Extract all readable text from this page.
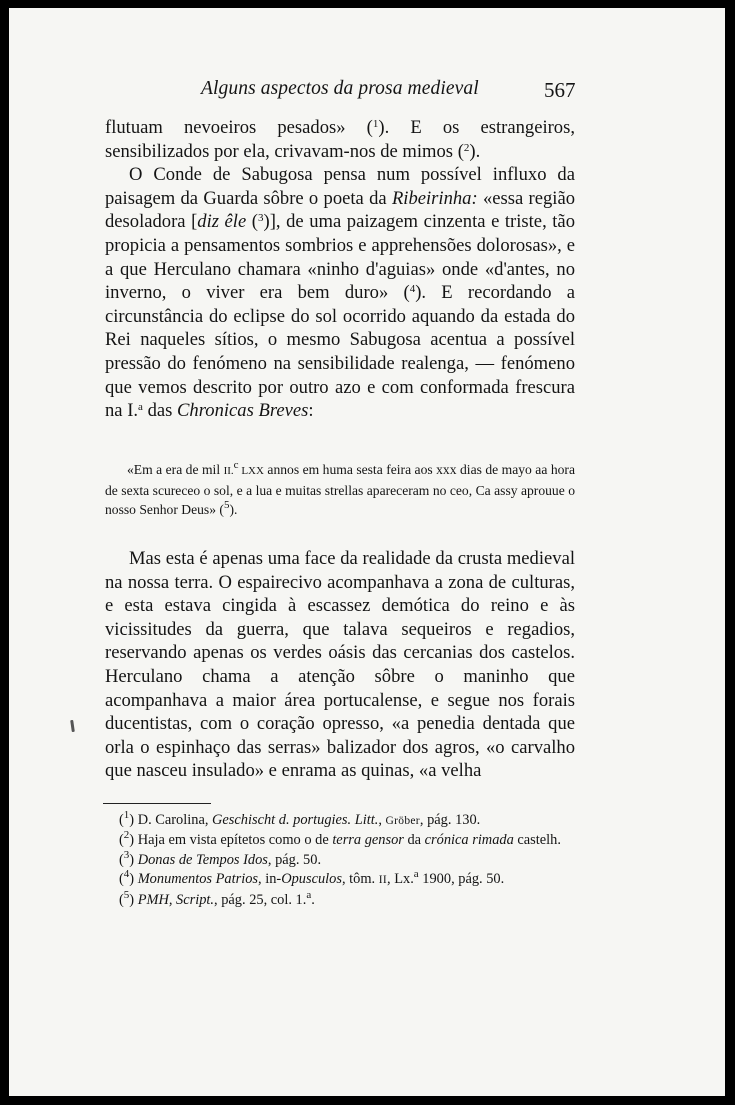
Alguns aspectos da prosa medieval	567

flutuam nevoeiros pesados» ($^1$). E os estrangeiros, sensibilizados por ela, crivavam-nos de mimos ($^2$).

O Conde de Sabugosa pensa num possível influxo da paisagem da Guarda sôbre o poeta da Ribeirinha: «essa região desoladora [diz êle ($^3$)], de uma paizagem cinzenta e triste, tão propicia a pensamentos sombrios e apprehensões dolorosas», e a que Herculano chamara «ninho d'aguias» onde «d'antes, no inverno, o viver era bem duro» ($^4$). E recordando a circunstância do eclipse do sol ocorrido aquando da estada do Rei naqueles sítios, o mesmo Sabugosa acentua a possível pressão do fenómeno na sensibilidade realenga, — fenómeno que vemos descrito por outro azo e com conformada frescura na I.$^a$ das Chronicas Breves:

«Em a era de mil II.$^c$ LXX annos em huma sesta feira aos xxx dias de mayo aa hora de sexta scureceo o sol, e a lua e muitas strellas apareceram no ceo, Ca assy aprouue o nosso Senhor Deus» ($^5$).
Mas esta é apenas uma face da realidade da crusta medieval na nossa terra. O espairecivo acompanhava a zona de culturas, e esta estava cingida à escassez demótica do reino e às vicissitudes da guerra, que talava sequeiros e regadios, reservando apenas os verdes oásis das cercanias dos castelos. Herculano chama a atenção sôbre o maninho que acompanhava a maior área portucalense, e segue nos forais ducentistas, com o coração opresso, «a penedia dentada que orla o espinhaço das serras» balizador dos agros, «o carvalho que nasceu insulado» e enrama as quinas, «a velha
($^1$) D. Carolina, Geschischt d. portugies. Litt., Gröber, pág. 130.
($^2$) Haja em vista epítetos como o de terra gensor da crónica rimada castelh.
($^3$) Donas de Tempos Idos, pág. 50.
($^4$) Monumentos Patrios, in-Opusculos, tôm. II, Lx.$^a$ 1900, pág. 50.
($^5$) PMH, Script., pág. 25, col. 1.$^a$.
